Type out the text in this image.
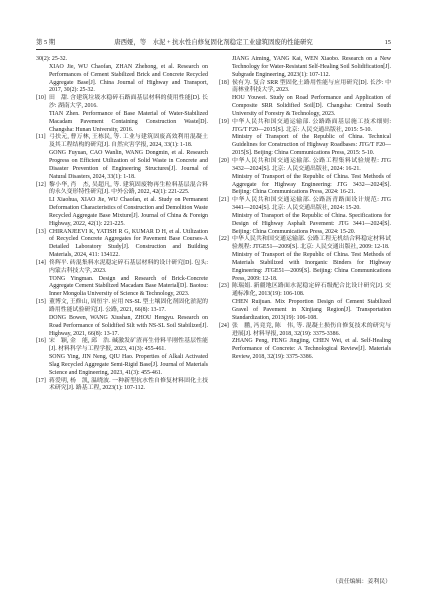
第 5 期	唐西娅，等　水泥 + 抗水性自修复固化剂稳定工业建筑固废的性能研究	15

30(2): 25-32.

XIAO Jie, WU Chaofan, ZHAN Zhehong, et al. Research on Performances of Cement Stabilized Brick and Concrete Recycled Aggregate Base[J]. China Journal of Highway and Transport, 2017, 30(2): 25-32.

[10] 田　甜. 含建筑垃圾水稳碎石路面基层材料的使用性能[D]. 长沙: 湖南大学, 2016.

TIAN Zhen. Performance of Base Material of Water-Stabilized Macadam Pavement Containing Construction Waste[D]. Changsha: Hunan University, 2016.

[11] 弓扶元, 曹万林, 王栋民, 等. 工业与建筑固废高效利用混凝土及其工程结构的研究[J]. 自然灾害学报, 2024, 33(1): 1-18.

GONG Fuyuan, CAO Wanlin, WANG Dongmin, et al. Research Progress on Efficient Utilization of Solid Waste in Concrete and Disaster Prevention of Engineering Structures[J]. Journal of Natural Disasters, 2024, 33(1): 1-18.

[12] 黎小华, 肖　杰, 吴超凡, 等. 建筑固废物再生粒料基层混合料的永久变形特性研究[J]. 中外公路, 2022, 42(1): 221-225.

LI Xiaohua, XIAO Jie, WU Chaofan, et al. Study on Permanent Deformation Characteristics of Construction and Demolition Waste Recycled Aggregate Base Mixture[J]. Journal of China & Foreign Highway, 2022, 42(1): 221-225.

[13] CHIRANJEEVI K, YATISH R G, KUMAR D H, et al. Utilization of Recycled Concrete Aggregates for Pavement Base Courses-A Detailed Laboratory Study[J]. Construction and Building Materials, 2024, 411: 134122.

[14] 佟辉平. 砖混集料水泥稳定碎石基层材料的设计研究[D]. 包头: 内蒙古科技大学, 2023.

TONG Yingman. Design and Research of Brick-Concrete Aggregate Cement Stabilized Macadam Base Material[D]. Baotou: Inner Mongolia University of Science & Technology, 2023.

[15] 董博文, 王修山, 周恒宇. 应用 NS-SL 型土壤固化剂固化淤泥的路用性能试验研究[J]. 公路, 2021, 66(8): 13-17.

DONG Bowen, WANG Xiushan, ZHOU Hengyu. Research on Road Performance of Solidified Silt with NS-SL Soil Stabilizer[J]. Highway, 2021, 66(8): 13-17.

[16] 宋　颖, 金　能, 邱　浩. 碱激发矿渣再生骨料半刚性基层性能[J]. 材料科学与工程学报, 2023, 41(3): 455-461.

SONG Ying, JIN Neng, QIU Hao. Properties of Alkali Activated Slag Recycled Aggregate Semi-Rigid Base[J]. Journal of Materials Science and Engineering, 2023, 41(3): 455-461.

[17] 蒋爱明, 杨　凯, 温晓波. 一种新型抗水性自修复材料固化土技术研究[J]. 路基工程, 2023(1): 107-112.

JIANG Aiming, YANG Kai, WEN Xiaobo. Research on a New Technology for Water-Resistant Self-Healing Soil Solidification[J]. Subgrade Engineering, 2023(1): 107-112.

[18] 侯有为. 复合 SRR 型固化土路用性能与应用研究[D]. 长沙: 中南林业科技大学, 2023.

HOU Youwei. Study on Road Performance and Application of Composite SRR Solidified Soil[D]. Changsha: Central South University of Forestry & Technology, 2023.

[19] 中华人民共和国交通运输部. 公路路面基层施工技术细则: JTG/T F20—2015[S]. 北京: 人民交通出版社, 2015: 5-10.

Ministry of Transport of the Republic of China. Technical Guidelines for Construction of Highway Roadbases: JTG/T F20—2015[S]. Beijing: China Communications Press, 2015: 5-10.

[20] 中华人民共和国交通运输部. 公路工程集料试验规程: JTG 3432—2024[S]. 北京: 人民交通出版社, 2024: 16-21.

Ministry of Transport of the Republic of China. Test Methods of Aggregate for Highway Engineering: JTG 3432—2024[S]. Beijing: China Communications Press, 2024: 16-21.

[21] 中华人民共和国交通运输部. 公路沥青路面设计规范: JTG 3441—2024[S]. 北京: 人民交通出版社, 2024: 15-20.

Ministry of Transport of the Republic of China. Specifications for Design of Highway Asphalt Pavement: JTG 3441—2024[S]. Beijing: China Communications Press, 2024: 15-20.

[22] 中华人民共和国交通运输部. 公路工程无机结合料稳定材料试验规程: JTGE51—2009[S]. 北京: 人民交通出版社, 2009: 12-18.

Ministry of Transport of the Republic of China. Test Methods of Materials Stabilized with Inorganic Binders for Highway Engineering: JTGE51—2009[S]. Beijing: China Communications Press, 2009: 12-18.

[23] 陈瑞娟. 新疆地区路面水泥稳定碎石级配合比设计研究[J]. 交通标准化, 2013(19): 106-108.

CHEN Ruijuan. Mix Proportion Design of Cement Stabilized Gravel of Pavement in Xinjiang Region[J]. Transportation Standardization, 2013(19): 106-108.

[24] 张　鹏, 冯竟竞, 陈　伟, 等. 混凝土损伤自修复技术的研究与进展[J]. 材料导报, 2018, 32(19): 3375-3386.

ZHANG Peng, FENG Jingjing, CHEN Wei, et al. Self-Healing Performance of Concrete: A Technological Review[J]. Materials Review, 2018, 32(19): 3375-3386.

（责任编辑：姜利民）
